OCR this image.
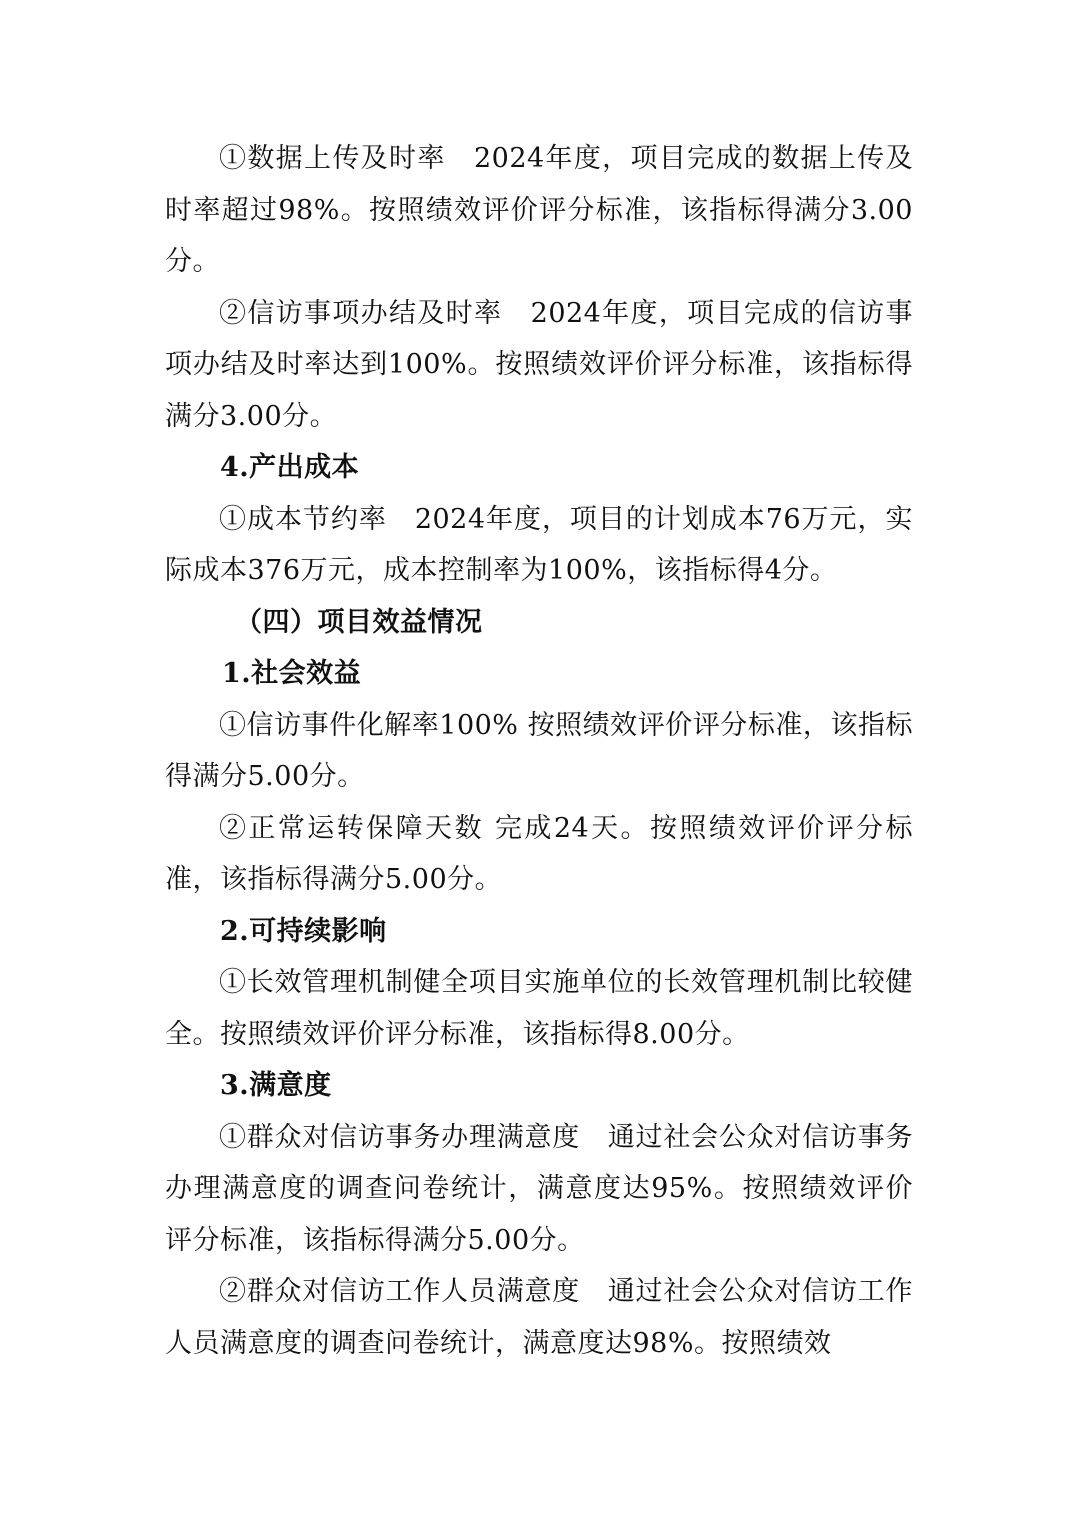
①数据上传及时率　2024年度，项目完成的数据上传及时率超过98%。按照绩效评价评分标准，该指标得满分3.00分。

②信访事项办结及时率　2024年度，项目完成的信访事项办结及时率达到100%。按照绩效评价评分标准，该指标得满分3.00分。

4.产出成本

①成本节约率　2024年度，项目的计划成本76万元，实际成本376万元，成本控制率为100%，该指标得4分。

（四）项目效益情况

1.社会效益

①信访事件化解率100% 按照绩效评价评分标准，该指标得满分5.00分。

②正常运转保障天数 完成24天。按照绩效评价评分标准，该指标得满分5.00分。

2.可持续影响

①长效管理机制健全项目实施单位的长效管理机制比较健全。按照绩效评价评分标准，该指标得8.00分。

3.满意度

①群众对信访事务办理满意度　通过社会公众对信访事务办理满意度的调查问卷统计，满意度达95%。按照绩效评价评分标准，该指标得满分5.00分。

②群众对信访工作人员满意度　通过社会公众对信访工作人员满意度的调查问卷统计，满意度达98%。按照绩效
